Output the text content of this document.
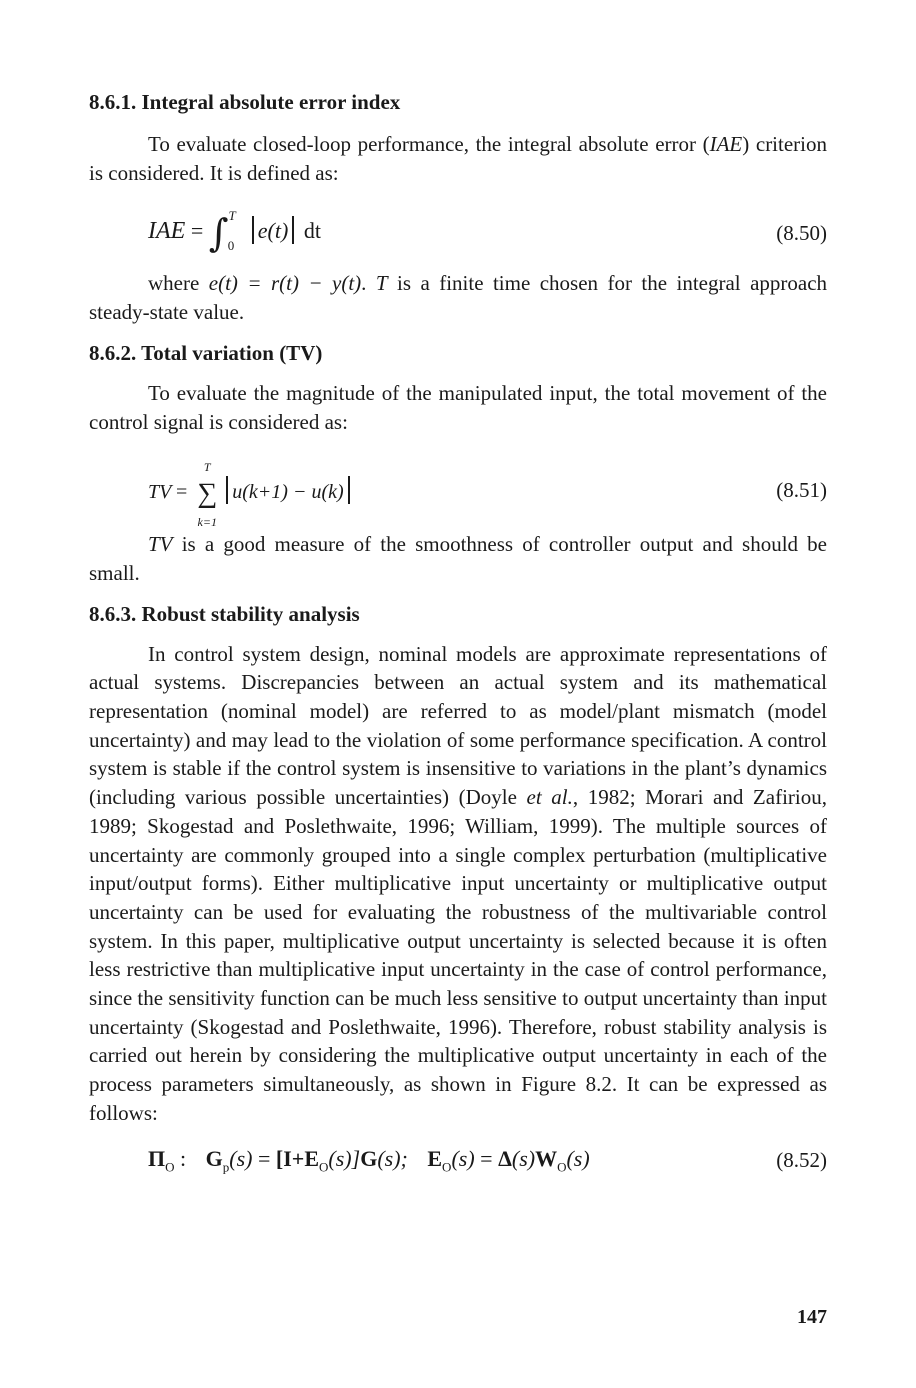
8.6.1. Integral absolute error index

To evaluate closed-loop performance, the integral absolute error (IAE) criterion is considered. It is defined as:

IAE = ∫$^T_0$ e(t) dt	(8.50)

where e(t) = r(t) − y(t). T is a finite time chosen for the integral approach steady-state value.

8.6.2. Total variation (TV)

To evaluate the magnitude of the manipulated input, the total movement of the control signal is considered as:

TV =
T
∑
k=1
u(k+1) − u(k)	(8.51)

TV is a good measure of the smoothness of controller output and should be small.

8.6.3. Robust stability analysis

In control system design, nominal models are approximate representations of actual systems. Discrepancies between an actual system and its mathematical representation (nominal model) are referred to as model/plant mismatch (model uncertainty) and may lead to the violation of some performance specification. A control system is stable if the control system is insensitive to variations in the plant’s dynamics (including various possible uncertainties) (Doyle et al., 1982; Morari and Zafiriou, 1989; Skogestad and Poslethwaite, 1996; William, 1999). The multiple sources of uncertainty are commonly grouped into a single complex perturbation (multiplicative input/output forms). Either multiplicative input uncertainty or multiplicative output uncertainty can be used for evaluating the robustness of the multivariable control system. In this paper, multiplicative output uncertainty is selected because it is often less restrictive than multiplicative input uncertainty in the case of control performance, since the sensitivity function can be much less sensitive to output uncertainty than input uncertainty (Skogestad and Poslethwaite, 1996). Therefore, robust stability analysis is carried out herein by considering the multiplicative output uncertainty in each of the process parameters simultaneously, as shown in Figure 8.2. It can be expressed as follows:

$\Pi_O$ : $G_p(s) = [I+E_O(s)]G(s)$; $E_O(s) = \Delta(s)W_O(s)$	(8.52)
147
